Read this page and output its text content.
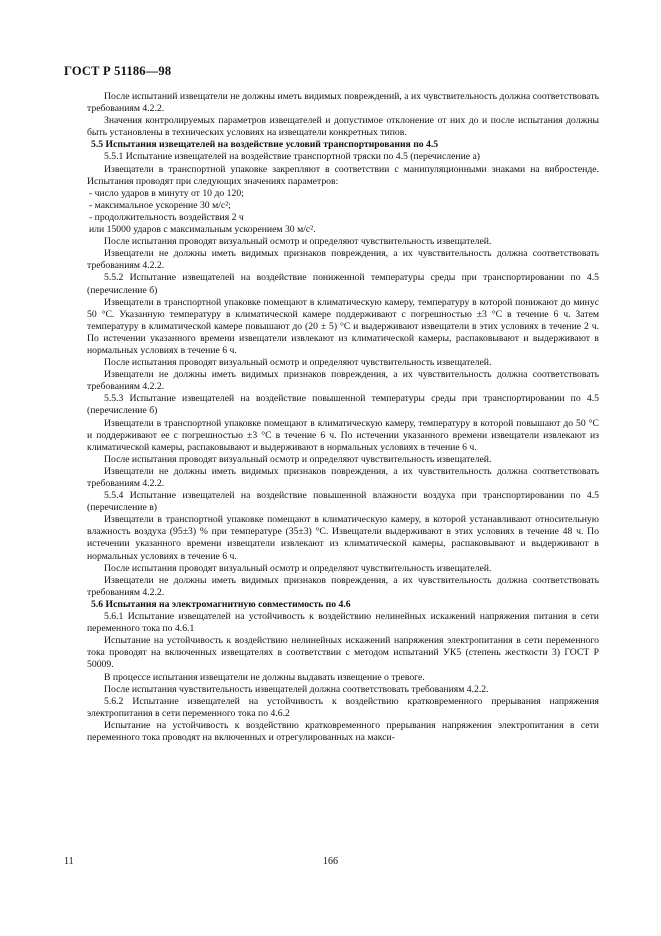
ГОСТ Р 51186—98

После испытаний извещатели не должны иметь видимых повреждений, а их чувствительность должна соответствовать требованиям 4.2.2.

Значения контролируемых параметров извещателей и допустимое отклонение от них до и после испытания должны быть установлены в технических условиях на извещатели конкретных типов.

5.5 Испытания извещателей на воздействие условий транспортирования по 4.5

5.5.1 Испытание извещателей на воздействие транспортной тряски по 4.5 (перечисление а)

Извещатели в транспортной упаковке закрепляют в соответствии с манипуляционными знаками на вибростенде. Испытания проводят при следующих значениях параметров:

- число ударов в минуту от 10 до 120;

- максимальное ускорение 30 м/с²;

- продолжительность воздействия 2 ч

или 15000 ударов с максимальным ускорением 30 м/с².

После испытания проводят визуальный осмотр и определяют чувствительность извещателей.

Извещатели не должны иметь видимых признаков повреждения, а их чувствительность должна соответствовать требованиям 4.2.2.

5.5.2 Испытание извещателей на воздействие пониженной температуры среды при транспортировании по 4.5 (перечисление б)

Извещатели в транспортной упаковке помещают в климатическую камеру, температуру в которой понижают до минус 50 °С. Указанную температуру в климатической камере поддерживают с погрешностью ±3 °С в течение 6 ч. Затем температуру в климатической камере повышают до (20 ± 5) °С и выдерживают извещатели в этих условиях в течение 2 ч. По истечении указанного времени извещатели извлекают из климатической камеры, распаковывают и выдерживают в нормальных условиях в течение 6 ч.

После испытания проводят визуальный осмотр и определяют чувствительность извещателей.

Извещатели не должны иметь видимых признаков повреждения, а их чувствительность должна соответствовать требованиям 4.2.2.

5.5.3 Испытание извещателей на воздействие повышенной температуры среды при транспортировании по 4.5 (перечисление б)

Извещатели в транспортной упаковке помещают в климатическую камеру, температуру в которой повышают до 50 °С и поддерживают ее с погрешностью ±3 °С в течение 6 ч. По истечении указанного времени извещатели извлекают из климатической камеры, распаковывают и выдерживают в нормальных условиях в течение 6 ч.

После испытания проводят визуальный осмотр и определяют чувствительность извещателей.

Извещатели не должны иметь видимых признаков повреждения, а их чувствительность должна соответствовать требованиям 4.2.2.

5.5.4 Испытание извещателей на воздействие повышенной влажности воздуха при транспортировании по 4.5 (перечисление в)

Извещатели в транспортной упаковке помещают в климатическую камеру, в которой устанавливают относительную влажность воздуха (95±3) % при температуре (35±3) °С. Извещатели выдерживают в этих условиях в течение 48 ч. По истечении указанного времени извещатели извлекают из климатической камеры, распаковывают и выдерживают в нормальных условиях в течение 6 ч.

После испытания проводят визуальный осмотр и определяют чувствительность извещателей.

Извещатели не должны иметь видимых признаков повреждения, а их чувствительность должна соответствовать требованиям 4.2.2.

5.6 Испытания на электромагнитную совместимость по 4.6

5.6.1 Испытание извещателей на устойчивость к воздействию нелинейных искажений напряжения питания в сети переменного тока по 4.6.1

Испытание на устойчивость к воздействию нелинейных искажений напряжения электропитания в сети переменного тока проводят на включенных извещателях в соответствии с методом испытаний УК5 (степень жесткости 3) ГОСТ Р 50009.

В процессе испытания извещатели не должны выдавать извещение о тревоге.

После испытания чувствительность извещателей должна соответствовать требованиям 4.2.2.

5.6.2 Испытание извещателей на устойчивость к воздействию кратковременного прерывания напряжения электропитания в сети переменного тока по 4.6.2

Испытание на устойчивость к воздействию кратковременного прерывания напряжения электропитания в сети переменного тока проводят на включенных и отрегулированных на макси-

11	166
